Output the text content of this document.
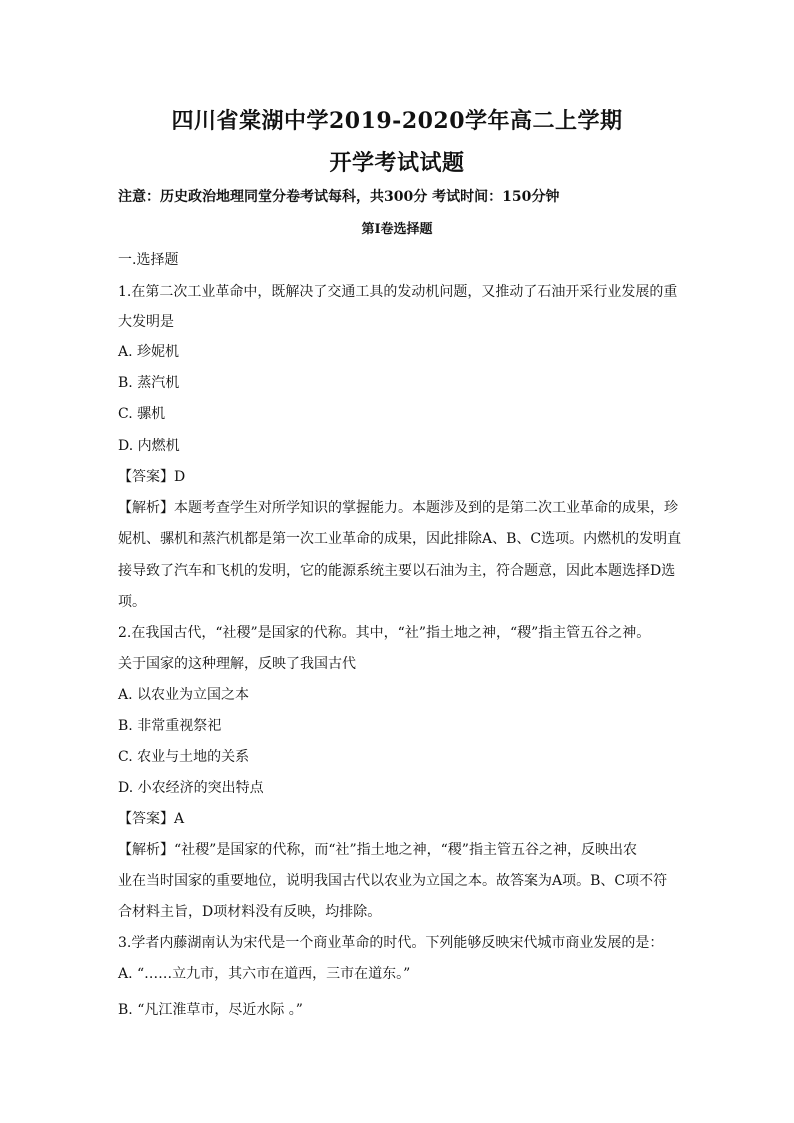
四川省棠湖中学2019-2020学年高二上学期
开学考试试题
注意：历史政治地理同堂分卷考试每科，共300分 考试时间：150分钟
第I卷选择题
一.选择题
1.在第二次工业革命中，既解决了交通工具的发动机问题，又推动了石油开采行业发展的重
大发明是
A. 珍妮机
B. 蒸汽机
C. 骡机
D. 内燃机
【答案】D
【解析】本题考查学生对所学知识的掌握能力。本题涉及到的是第二次工业革命的成果，珍
妮机、骡机和蒸汽机都是第一次工业革命的成果，因此排除A、B、C选项。内燃机的发明直
接导致了汽车和飞机的发明，它的能源系统主要以石油为主，符合题意，因此本题选择D选
项。
2.在我国古代，“社稷”是国家的代称。其中，“社”指土地之神，“稷”指主管五谷之神。
关于国家的这种理解，反映了我国古代
A. 以农业为立国之本
B. 非常重视祭祀
C. 农业与土地的关系
D. 小农经济的突出特点
【答案】A
【解析】“社稷”是国家的代称，而“社”指土地之神，“稷”指主管五谷之神，反映出农
业在当时国家的重要地位，说明我国古代以农业为立国之本。故答案为A项。B、C项不符
合材料主旨，D项材料没有反映，均排除。
3.学者内藤湖南认为宋代是一个商业革命的时代。下列能够反映宋代城市商业发展的是：
A. “……立九市，其六市在道西，三市在道东。”
B. “凡江淮草市，尽近水际 。”
